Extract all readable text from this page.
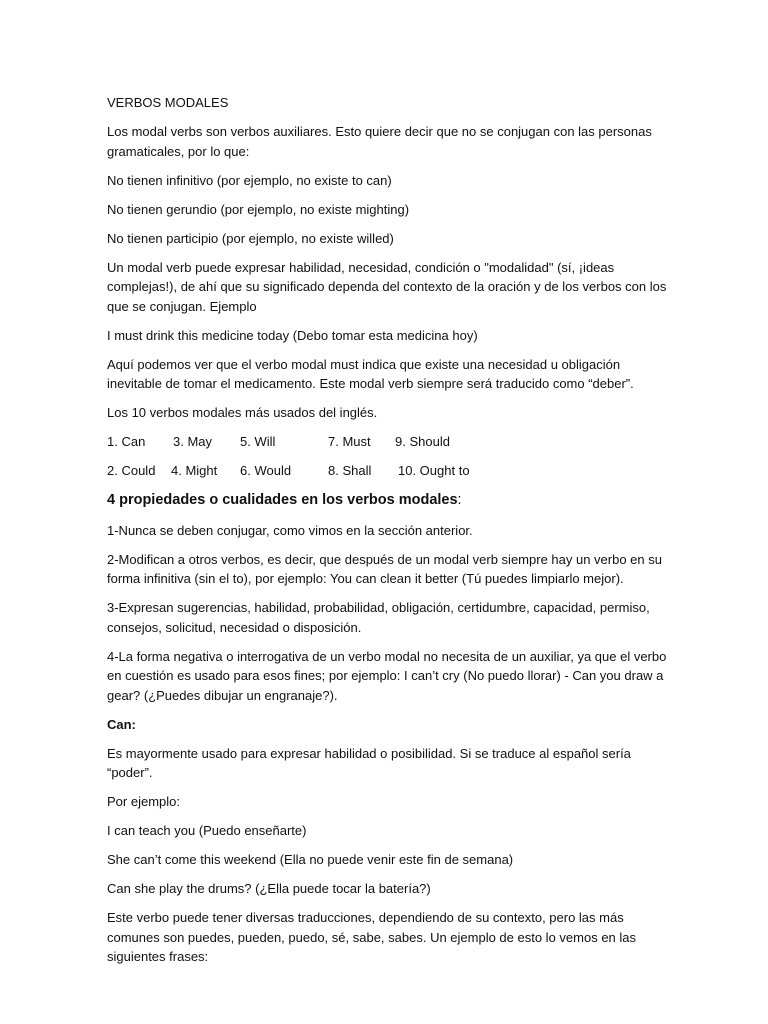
VERBOS MODALES

Los modal verbs son verbos auxiliares. Esto quiere decir que no se conjugan con las personas gramaticales, por lo que:

No tienen infinitivo (por ejemplo, no existe to can)

No tienen gerundio (por ejemplo, no existe mighting)

No tienen participio (por ejemplo, no existe willed)

Un modal verb puede expresar habilidad, necesidad, condición o "modalidad" (sí, ¡ideas complejas!), de ahí que su significado dependa del contexto de la oración y de los verbos con los que se conjugan. Ejemplo

I must drink this medicine today (Debo tomar esta medicina hoy)

Aquí podemos ver que el verbo modal must indica que existe una necesidad u obligación inevitable de tomar el medicamento. Este modal verb siempre será traducido como “deber”.

Los 10 verbos modales más usados del inglés.

1. Can 3. May 5. Will	7. Must 9. Should
2. Could 4. Might 6. Would	8. Shall 10. Ought to

4 propiedades o cualidades en los verbos modales:

1-Nunca se deben conjugar, como vimos en la sección anterior.

2-Modifican a otros verbos, es decir, que después de un modal verb siempre hay un verbo en su forma infinitiva (sin el to), por ejemplo: You can clean it better (Tú puedes limpiarlo mejor).

3-Expresan sugerencias, habilidad, probabilidad, obligación, certidumbre, capacidad, permiso, consejos, solicitud, necesidad o disposición.

4-La forma negativa o interrogativa de un verbo modal no necesita de un auxiliar, ya que el verbo en cuestión es usado para esos fines; por ejemplo: I can’t cry (No puedo llorar) - Can you draw a gear? (¿Puedes dibujar un engranaje?).

Can:

Es mayormente usado para expresar habilidad o posibilidad. Si se traduce al español sería “poder”.

Por ejemplo:

I can teach you (Puedo enseñarte)

She can’t come this weekend (Ella no puede venir este fin de semana)

Can she play the drums? (¿Ella puede tocar la batería?)

Este verbo puede tener diversas traducciones, dependiendo de su contexto, pero las más comunes son puedes, pueden, puedo, sé, sabe, sabes. Un ejemplo de esto lo vemos en las siguientes frases:
